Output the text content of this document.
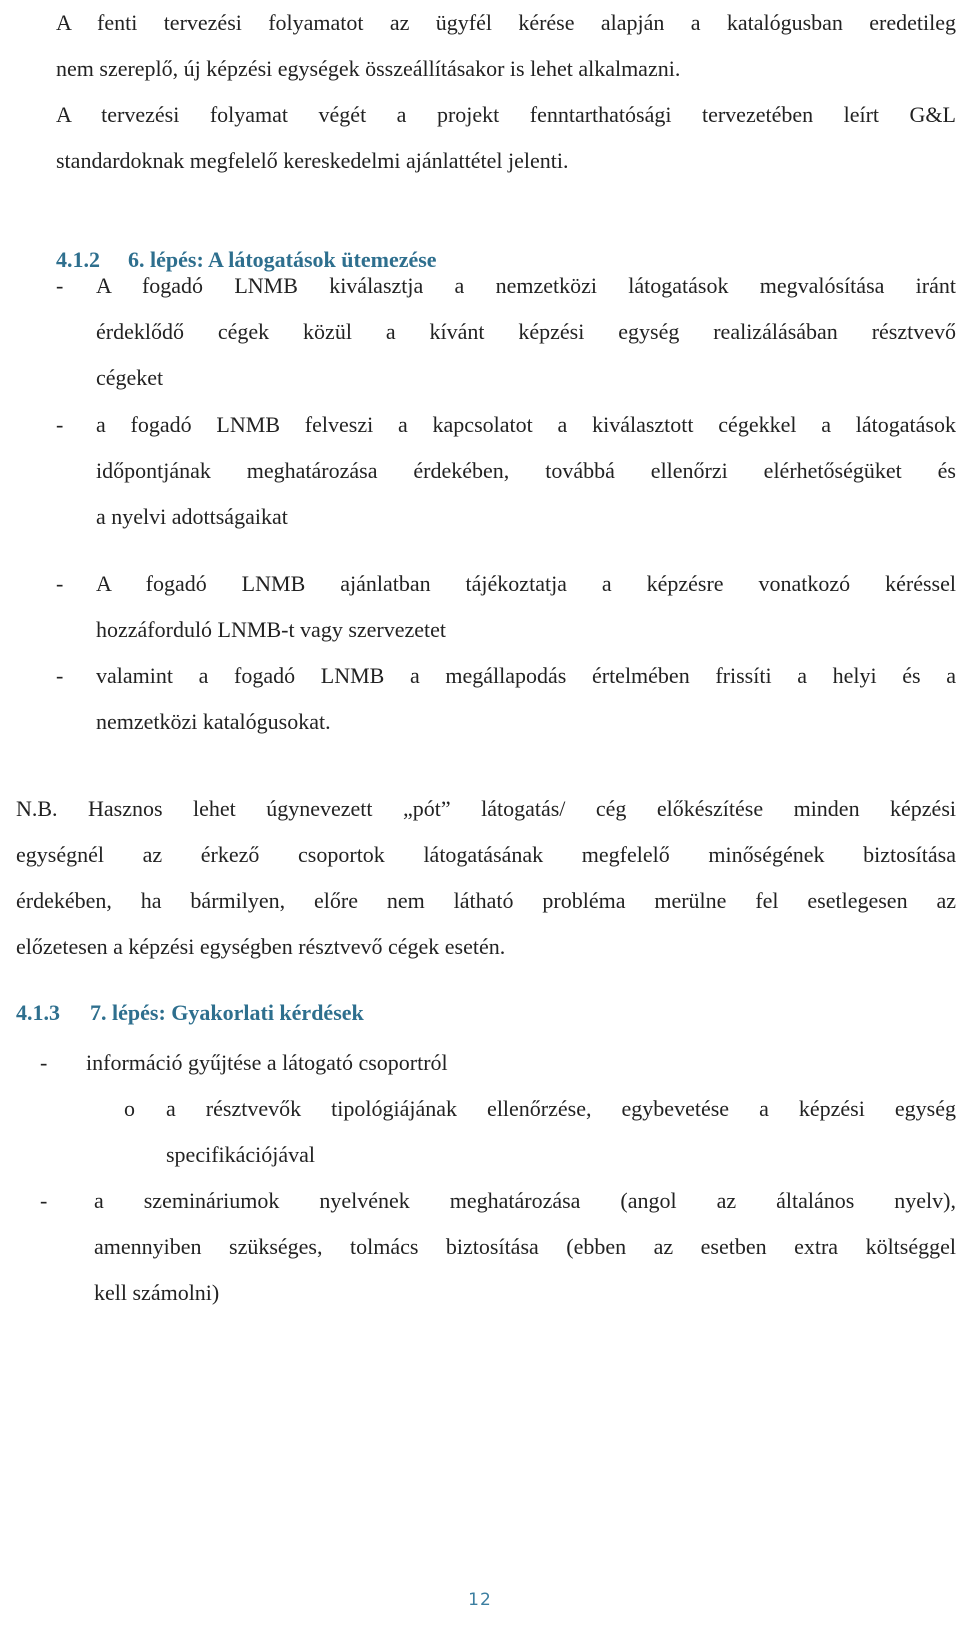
A fenti tervezési folyamatot az ügyfél kérése alapján a katalógusban eredetileg
nem szereplő, új képzési egységek összeállításakor is lehet alkalmazni.
A tervezési folyamat végét a projekt fenntarthatósági tervezetében leírt G&L
standardoknak megfelelő kereskedelmi ajánlattétel jelenti.
4.1.2 6. lépés: A látogatások ütemezése
- A fogadó LNMB kiválasztja a nemzetközi látogatások megvalósítása iránt
érdeklődő cégek közül a kívánt képzési egység realizálásában résztvevő
cégeket
- a fogadó LNMB felveszi a kapcsolatot a kiválasztott cégekkel a látogatások
időpontjának meghatározása érdekében, továbbá ellenőrzi elérhetőségüket és
a nyelvi adottságaikat
- A fogadó LNMB ajánlatban tájékoztatja a képzésre vonatkozó kéréssel
hozzáforduló LNMB-t vagy szervezetet
- valamint a fogadó LNMB a megállapodás értelmében frissíti a helyi és a
nemzetközi katalógusokat.
N.B. Hasznos lehet úgynevezett „pót” látogatás/ cég előkészítése minden képzési
egységnél az érkező csoportok látogatásának megfelelő minőségének biztosítása
érdekében, ha bármilyen, előre nem látható probléma merülne fel esetlegesen az
előzetesen a képzési egységben résztvevő cégek esetén.
4.1.3 7. lépés: Gyakorlati kérdések
- információ gyűjtése a látogató csoportról
o a résztvevők tipológiájának ellenőrzése, egybevetése a képzési egység
specifikációjával
- a szemináriumok nyelvének meghatározása (angol az általános nyelv),
amennyiben szükséges, tolmács biztosítása (ebben az esetben extra költséggel
kell számolni)
12
